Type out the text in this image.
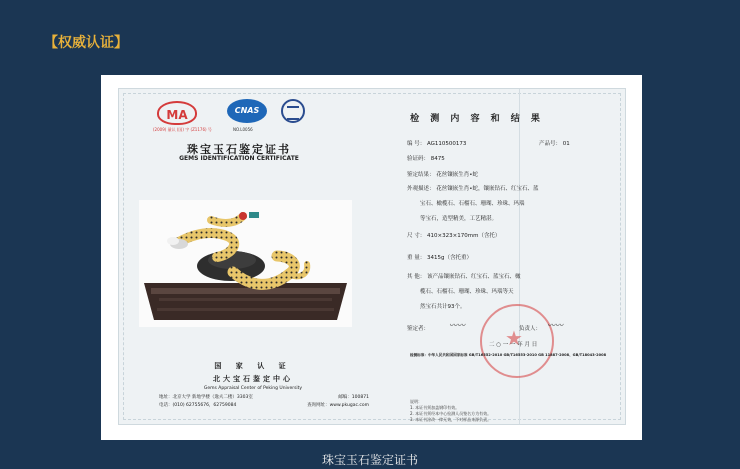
【权威认证】
MA
(2009) 量认 (国) 字 (Z1176) 号
CNAS
NO.L0056
珠宝玉石鉴定证书
GEMS IDENTIFICATION CERTIFICATE
国 家 认 证
北大宝石鉴定中心
Gems Appraisal Center of Peking University
地址：北京大学 新地学楼（逸夫二楼）3303室	邮编：100871
电话：(010) 62755676，62759084	查询网址：www.pkugac.com
检 测 内 容 和 结 果
编 号： AG110500173	产品号： 01
验证码： 8475
鉴定结果： 花丝镶嵌生肖•蛇
外观描述： 花丝镶嵌生肖•蛇，镶嵌钻石、红宝石、蓝
宝石、橄榄石、石榴石、珊瑚、珍珠、玛瑙
等宝石，造型精美，工艺精湛。
尺 寸： 410×323×170mm（含托）
重 量： 3415g（含托重）
其 他： 该产品镶嵌钻石、红宝石、蓝宝石、橄
榄石、石榴石、珊瑚、珍珠、玛瑙等天
然宝石共计93个。
★
鉴定者： 〰〰	负责人： 〰〰
二 ○ 一 一 年 月 日
检测标准：中华人民共和国国家标准 GB/T16552-2010 GB/T16553-2010 GB 11887-2008、GB/T18043-2008
说明：
1. 本证书须加盖钢印有效。
2. 本证书须经本中心检测人员签名方为有效。
3. 本证书涂改一律无效，不对样品来源负责。
珠宝玉石鉴定证书
